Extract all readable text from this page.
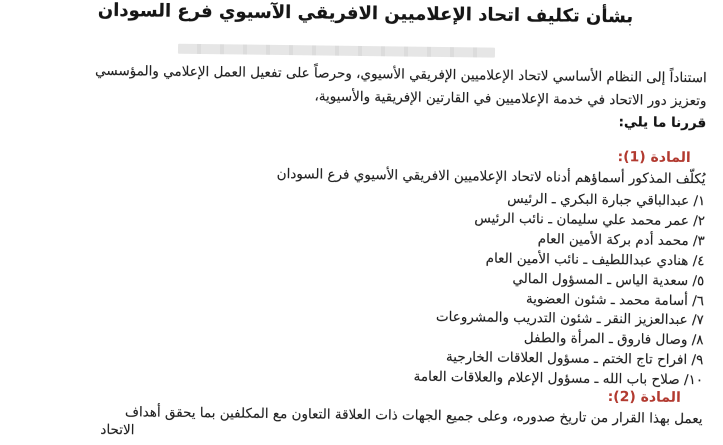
بشأن تكليف اتحاد الإعلاميين الافريقي الآسيوي فرع السودان
استناداً إلى النظام الأساسي لاتحاد الإعلاميين الإفريقي الأسيوي، وحرصاً على تفعيل العمل الإعلامي والمؤسسي
وتعزيز دور الاتحاد في خدمة الإعلاميين في القارتين الإفريقية والأسيوية،
قررنا ما يلي:
المادة (1):
يُكلّف المذكور أسماؤهم أدناه لاتحاد الإعلاميين الافريقي الأسيوي فرع السودان
١/ عبدالباقي جبارة البكري ـ الرئيس
٢/ عمر محمد علي سليمان ـ نائب الرئيس
٣/ محمد أدم بركة الأمين العام
٤/ هنادي عبداللطيف ـ نائب الأمين العام
٥/ سعدية الياس ـ المسؤول المالي
٦/ أسامة محمد ـ شئون العضوية
٧/ عبدالعزيز النقر ـ شئون التدريب والمشروعات
٨/ وصال فاروق ـ المرأة والطفل
٩/ افراح تاج الختم ـ مسؤول العلاقات الخارجية
١٠/ صلاح باب الله ـ مسؤول الإعلام والعلاقات العامة
المادة (2):
يعمل بهذا القرار من تاريخ صدوره، وعلى جميع الجهات ذات العلاقة التعاون مع المكلفين بما يحقق أهداف
الاتحاد
